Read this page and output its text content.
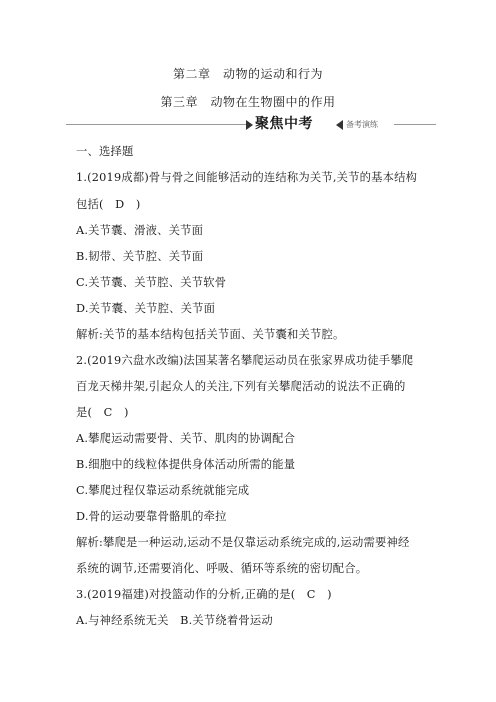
第二章　动物的运动和行为
第三章　动物在生物圈中的作用
聚焦中考	备考演练
一、选择题
1.(2019成都)骨与骨之间能够活动的连结称为关节,关节的基本结构
包括(　D　)
A.关节囊、滑液、关节面
B.韧带、关节腔、关节面
C.关节囊、关节腔、关节软骨
D.关节囊、关节腔、关节面
解析:关节的基本结构包括关节面、关节囊和关节腔。
2.(2019六盘水改编)法国某著名攀爬运动员在张家界成功徒手攀爬
百龙天梯井架,引起众人的关注,下列有关攀爬活动的说法不正确的
是(　C　)
A.攀爬运动需要骨、关节、肌肉的协调配合
B.细胞中的线粒体提供身体活动所需的能量
C.攀爬过程仅靠运动系统就能完成
D.骨的运动要靠骨骼肌的牵拉
解析:攀爬是一种运动,运动不是仅靠运动系统完成的,运动需要神经
系统的调节,还需要消化、呼吸、循环等系统的密切配合。
3.(2019福建)对投篮动作的分析,正确的是(　C　)
A.与神经系统无关　B.关节绕着骨运动
